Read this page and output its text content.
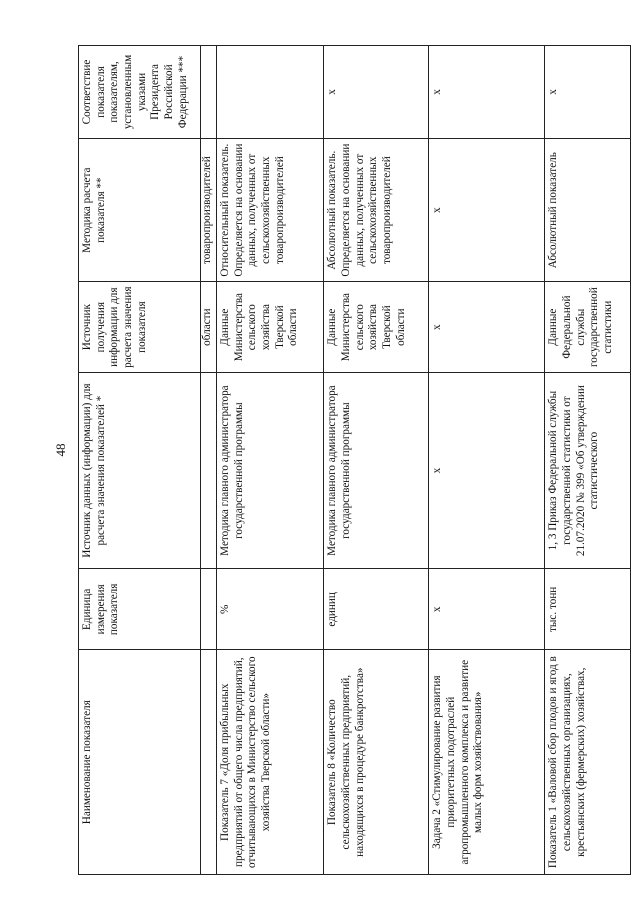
48
Наименование показателя	Единица измерения показателя	Источник данных (информации) для расчета значения показателей *	Источник получения информации для расчета значения показателя	Методика расчета показателя **	Соответствие показателя показателям, установленным указами Президента Российской Федерации ***
			области	товаропроизводителей	
Показатель 7 «Доля прибыльных предприятий от общего числа предприятий, отчитывающихся в Министерство сельского хозяйства Тверской области»	%	Методика главного администратора государственной программы	Данные Министерства сельского хозяйства Тверской области	Относительный показатель. Определяется на основании данных, полученных от сельскохозяйственных товаропроизводителей	
Показатель 8 «Количество сельскохозяйственных предприятий, находящихся в процедуре банкротства»	единиц	Методика главного администратора государственной программы	Данные Министерства сельского хозяйства Тверской области	Абсолютный показатель. Определяется на основании данных, полученных от сельскохозяйственных товаропроизводителей	х
Задача 2 «Стимулирование развития приоритетных подотраслей агропромышленного комплекса и развитие малых форм хозяйствования»	х	х	х	х	х
Показатель 1 «Валовой сбор плодов и ягод в сельскохозяйственных организациях, крестьянских (фермерских) хозяйствах,	тыс. тонн	1, 3 Приказ Федеральной службы государственной статистики от 21.07.2020 № 399 «Об утверждении статистического	Данные Федеральной службы государственной статистики	Абсолютный показатель	х
